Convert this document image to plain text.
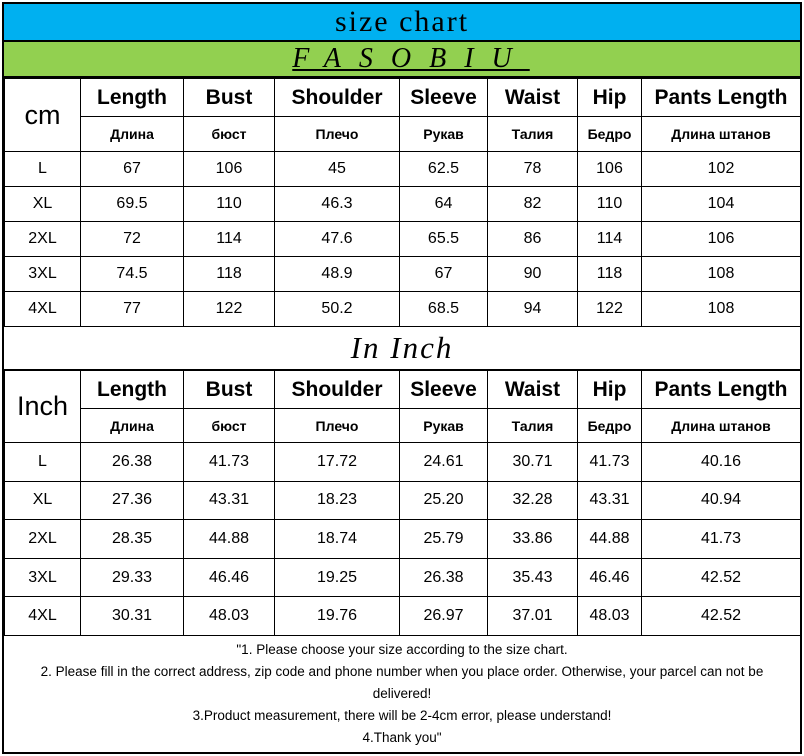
size chart
FASOBIU
cm	Length	Bust	Shoulder	Sleeve	Waist	Hip	Pants Length
	Длина	бюст	Плечо	Рукав	Талия	Бедро	Длина штанов
L	67	106	45	62.5	78	106	102
XL	69.5	110	46.3	64	82	110	104
2XL	72	114	47.6	65.5	86	114	106
3XL	74.5	118	48.9	67	90	118	108
4XL	77	122	50.2	68.5	94	122	108
In Inch
Inch	Length	Bust	Shoulder	Sleeve	Waist	Hip	Pants Length
	Длина	бюст	Плечо	Рукав	Талия	Бедро	Длина штанов
L	26.38	41.73	17.72	24.61	30.71	41.73	40.16
XL	27.36	43.31	18.23	25.20	32.28	43.31	40.94
2XL	28.35	44.88	18.74	25.79	33.86	44.88	41.73
3XL	29.33	46.46	19.25	26.38	35.43	46.46	42.52
4XL	30.31	48.03	19.76	26.97	37.01	48.03	42.52
"1. Please choose your size according to the size chart.
2. Please fill in the correct address, zip code and phone number when you place order. Otherwise, your parcel can not be delivered!
3.Product measurement, there will be 2-4cm error, please understand!
4.Thank you"
